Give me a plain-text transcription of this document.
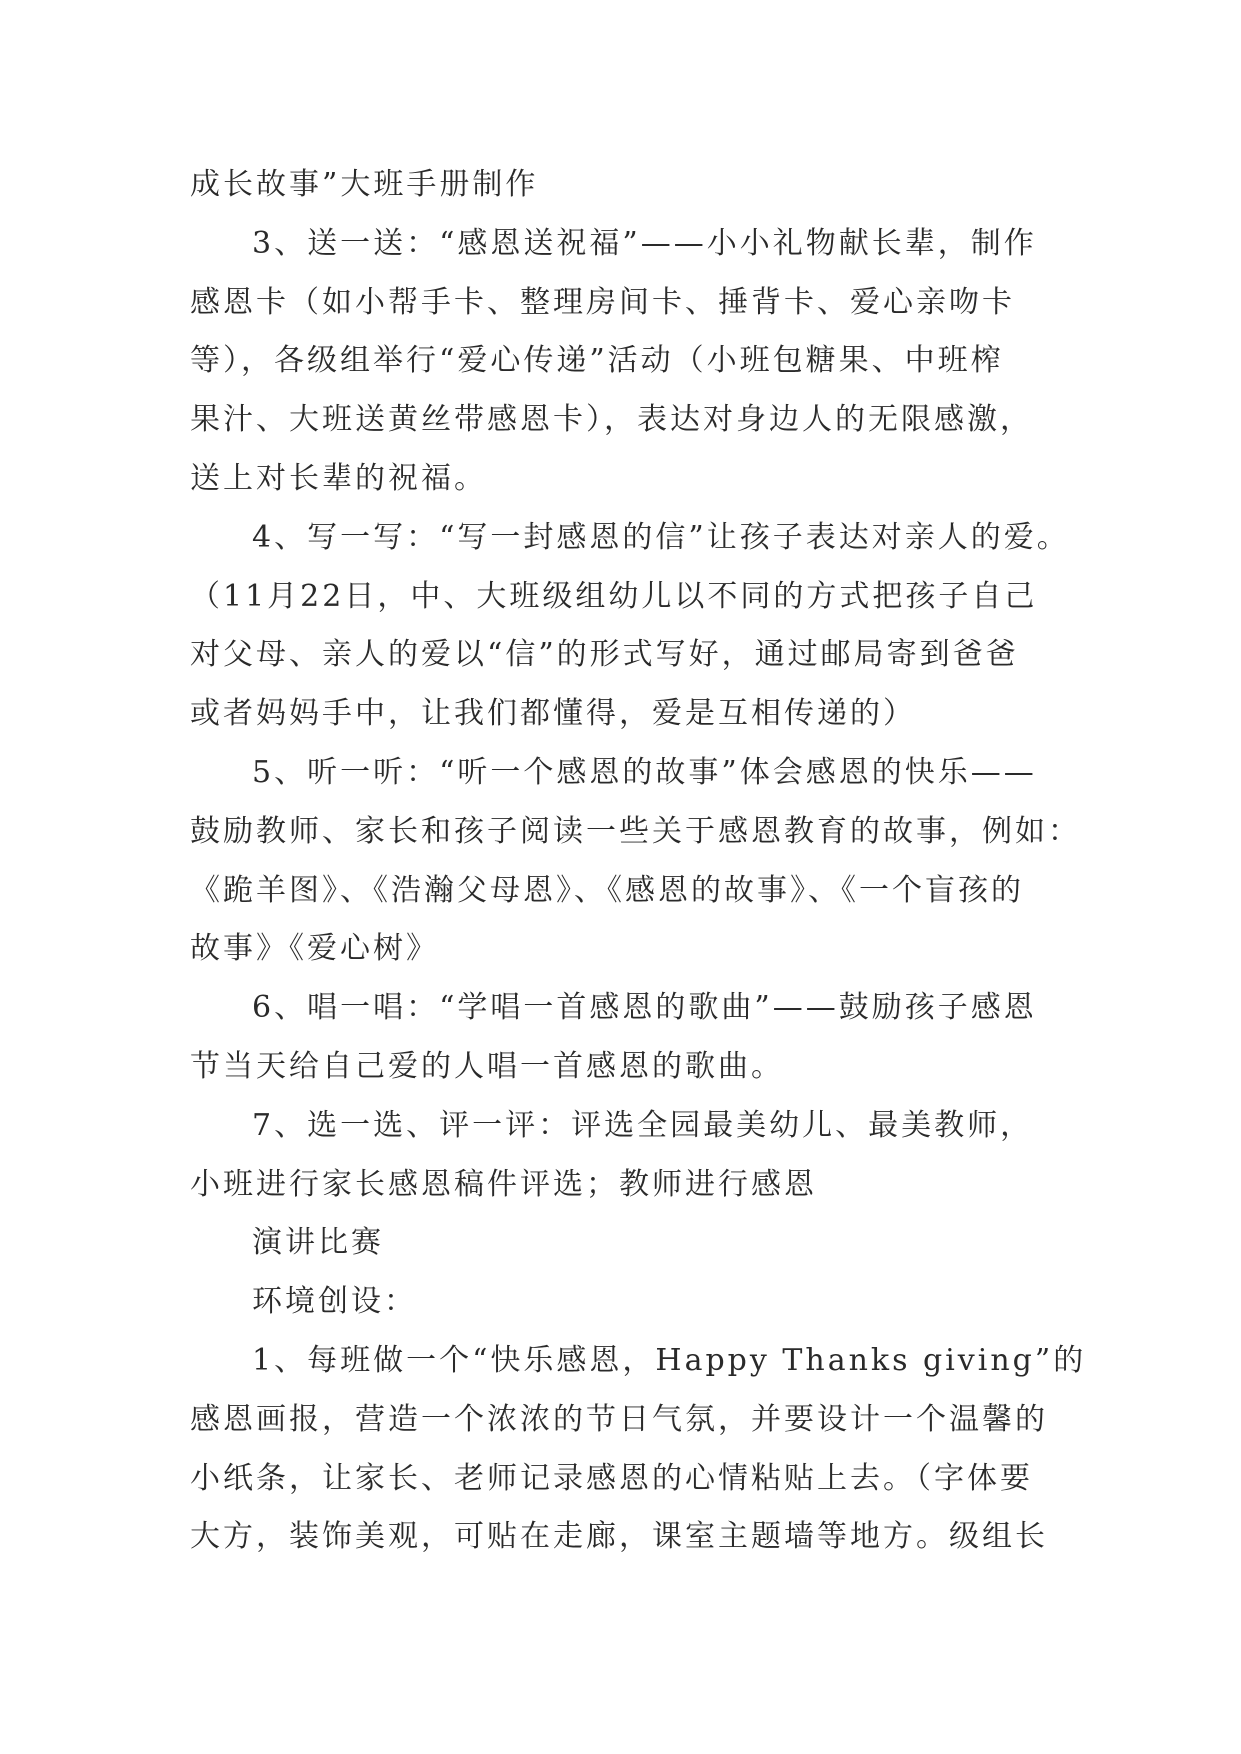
成长故事”大班手册制作

3、送一送：“感恩送祝福”——小小礼物献长辈，制作
感恩卡（如小帮手卡、整理房间卡、捶背卡、爱心亲吻卡
等），各级组举行“爱心传递”活动（小班包糖果、中班榨
果汁、大班送黄丝带感恩卡），表达对身边人的无限感激，
送上对长辈的祝福。

4、写一写：“写一封感恩的信”让孩子表达对亲人的爱。
（11月22日，中、大班级组幼儿以不同的方式把孩子自己
对父母、亲人的爱以“信”的形式写好，通过邮局寄到爸爸
或者妈妈手中，让我们都懂得，爱是互相传递的）

5、听一听：“听一个感恩的故事”体会感恩的快乐——
鼓励教师、家长和孩子阅读一些关于感恩教育的故事，例如：
《跪羊图》、《浩瀚父母恩》、《感恩的故事》、《一个盲孩的
故事》《爱心树》

6、唱一唱：“学唱一首感恩的歌曲”——鼓励孩子感恩
节当天给自己爱的人唱一首感恩的歌曲。

7、选一选、评一评：评选全园最美幼儿、最美教师，
小班进行家长感恩稿件评选；教师进行感恩

演讲比赛

环境创设：

1、每班做一个“快乐感恩，Happy Thanks giving”的
感恩画报，营造一个浓浓的节日气氛，并要设计一个温馨的
小纸条，让家长、老师记录感恩的心情粘贴上去。（字体要
大方，装饰美观，可贴在走廊，课室主题墙等地方。级组长
